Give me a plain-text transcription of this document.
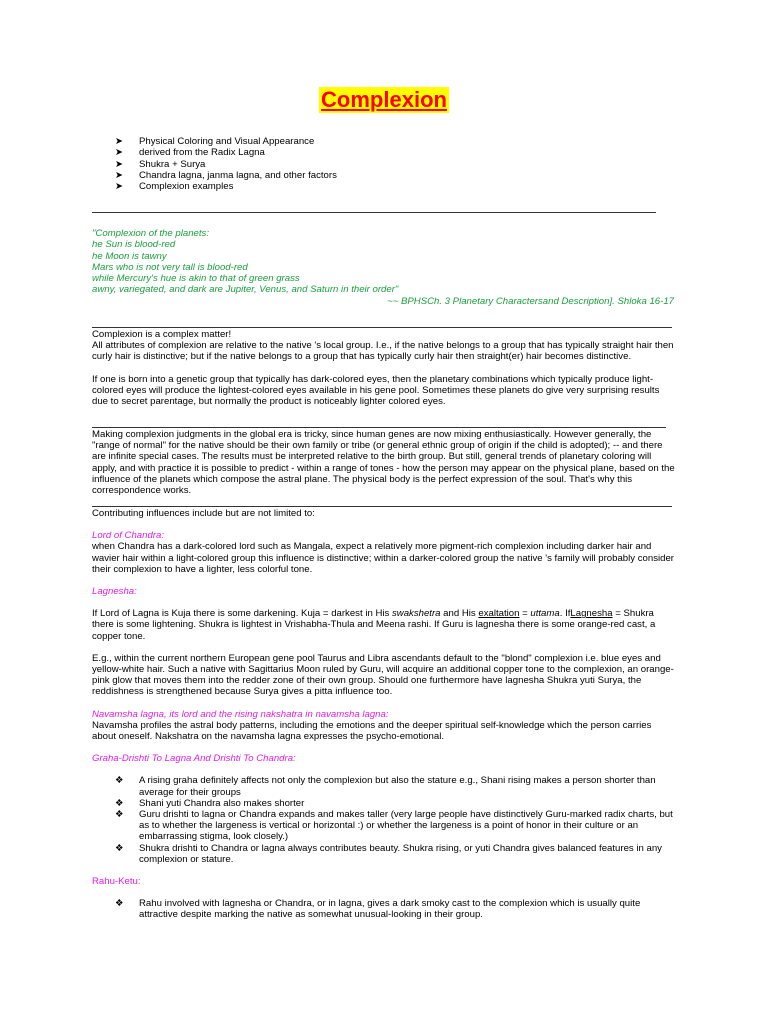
Complexion
➤	Physical Coloring and Visual Appearance
➤	derived from the Radix Lagna
➤	Shukra + Surya
➤	Chandra lagna, janma lagna, and other factors
➤	Complexion examples
"Complexion of the planets:
he Sun is blood-red
he Moon is tawny
Mars who is not very tall is blood-red
while Mercury's hue is akin to that of green grass
awny, variegated, and dark are Jupiter, Venus, and Saturn in their order"
~~ BPHSCh. 3 Planetary Charactersand Description]. Shloka 16-17

Complexion is a complex matter!

All attributes of complexion are relative to the native 's local group. I.e., if the native belongs to a group that has typically straight hair then curly hair is distinctive; but if the native belongs to a group that has typically curly hair then straight(er) hair becomes distinctive.

If one is born into a genetic group that typically has dark-colored eyes, then the planetary combinations which typically produce light-colored eyes will produce the lightest-colored eyes available in his gene pool. Sometimes these planets do give very surprising results due to secret parentage, but normally the product is noticeably lighter colored eyes.

Making complexion judgments in the global era is tricky, since human genes are now mixing enthusiastically. However generally, the "range of normal" for the native should be their own family or tribe (or general ethnic group of origin if the child is adopted); -- and there are infinite special cases. The results must be interpreted relative to the birth group. But still, general trends of planetary coloring will apply, and with practice it is possible to predict - within a range of tones - how the person may appear on the physical plane, based on the influence of the planets which compose the astral plane. The physical body is the perfect expression of the soul. That's why this correspondence works.

Contributing influences include but are not limited to:

Lord of Chandra:

when Chandra has a dark-colored lord such as Mangala, expect a relatively more pigment-rich complexion including darker hair and wavier hair within a light-colored group this influence is distinctive; within a darker-colored group the native 's family will probably consider their complexion to have a lighter, less colorful tone.

Lagnesha:

If Lord of Lagna is Kuja there is some darkening. Kuja = darkest in His swakshetra and His exaltation = uttama. IfLagnesha = Shukra there is some lightening. Shukra is lightest in Vrishabha-Thula and Meena rashi. If Guru is lagnesha there is some orange-red cast, a copper tone.

E.g., within the current northern European gene pool Taurus and Libra ascendants default to the "blond" complexion i.e. blue eyes and yellow-white hair. Such a native with Sagittarius Moon ruled by Guru, will acquire an additional copper tone to the complexion, an orange-pink glow that moves them into the redder zone of their own group. Should one furthermore have lagnesha Shukra yuti Surya, the reddishness is strengthened because Surya gives a pitta influence too.

Navamsha lagna, its lord and the rising nakshatra in navamsha lagna:

Navamsha profiles the astral body patterns, including the emotions and the deeper spiritual self-knowledge which the person carries about oneself. Nakshatra on the navamsha lagna expresses the psycho-emotional.

Graha-Drishti To Lagna And Drishti To Chandra:

❖	A rising graha definitely affects not only the complexion but also the stature e.g., Shani rising makes a person shorter than average for their groups
❖	Shani yuti Chandra also makes shorter
❖	Guru drishti to lagna or Chandra expands and makes taller (very large people have distinctively Guru-marked radix charts, but as to whether the largeness is vertical or horizontal :) or whether the largeness is a point of honor in their culture or an embarrassing stigma, look closely.)
❖	Shukra drishti to Chandra or lagna always contributes beauty. Shukra rising, or yuti Chandra gives balanced features in any complexion or stature.

Rahu-Ketu:

❖	Rahu involved with lagnesha or Chandra, or in lagna, gives a dark smoky cast to the complexion which is usually quite attractive despite marking the native as somewhat unusual-looking in their group.
